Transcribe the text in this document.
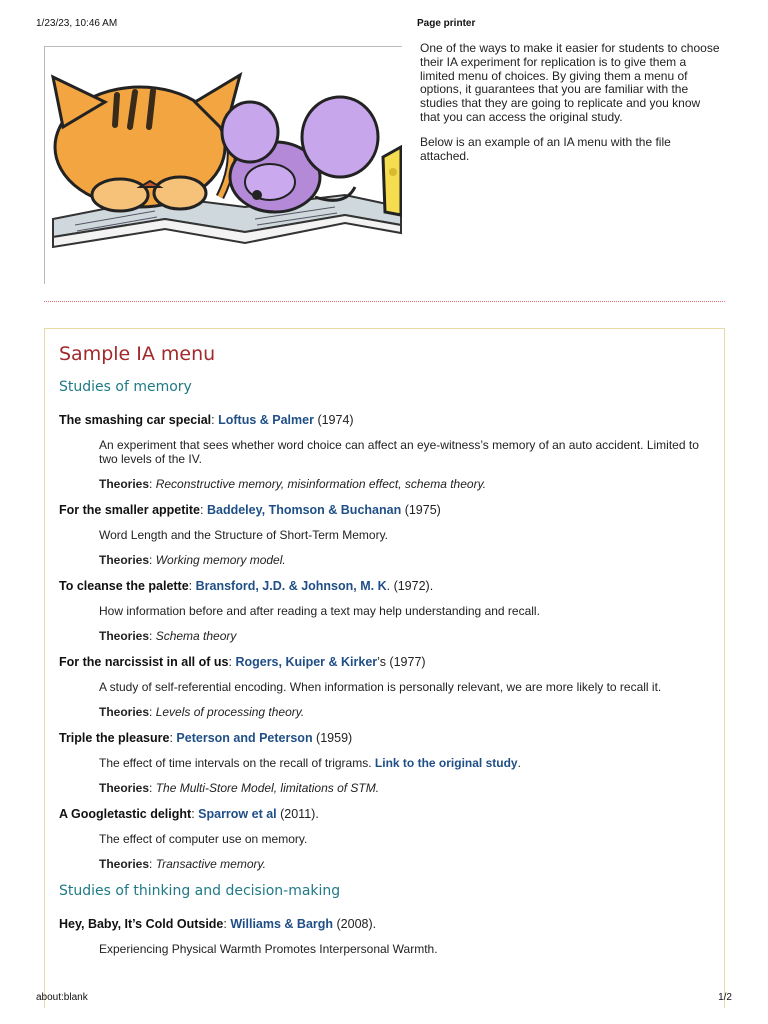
1/23/23, 10:46 AM	Page printer

One of the ways to make it easier for students to choose their IA experiment for replication is to give them a limited menu of choices. By giving them a menu of options, it guarantees that you are familiar with the studies that they are going to replicate and you know that you can access the original study.

Below is an example of an IA menu with the file attached.

Sample IA menu
Studies of memory
The smashing car special: Loftus & Palmer (1974)
An experiment that sees whether word choice can affect an eye-witness’s memory of an auto accident. Limited to two levels of the IV.
Theories: Reconstructive memory, misinformation effect, schema theory.
For the smaller appetite: Baddeley, Thomson & Buchanan (1975)
Word Length and the Structure of Short-Term Memory.
Theories: Working memory model.
To cleanse the palette: Bransford, J.D. & Johnson, M. K. (1972).
How information before and after reading a text may help understanding and recall.
Theories: Schema theory
For the narcissist in all of us: Rogers, Kuiper & Kirker’s (1977)
A study of self-referential encoding. When information is personally relevant, we are more likely to recall it.
Theories: Levels of processing theory.
Triple the pleasure: Peterson and Peterson (1959)
The effect of time intervals on the recall of trigrams. Link to the original study.
Theories: The Multi-Store Model, limitations of STM.
A Googletastic delight: Sparrow et al (2011).
The effect of computer use on memory.
Theories: Transactive memory.
Studies of thinking and decision-making
Hey, Baby, It’s Cold Outside: Williams & Bargh (2008).
Experiencing Physical Warmth Promotes Interpersonal Warmth.
about:blank	1/2
